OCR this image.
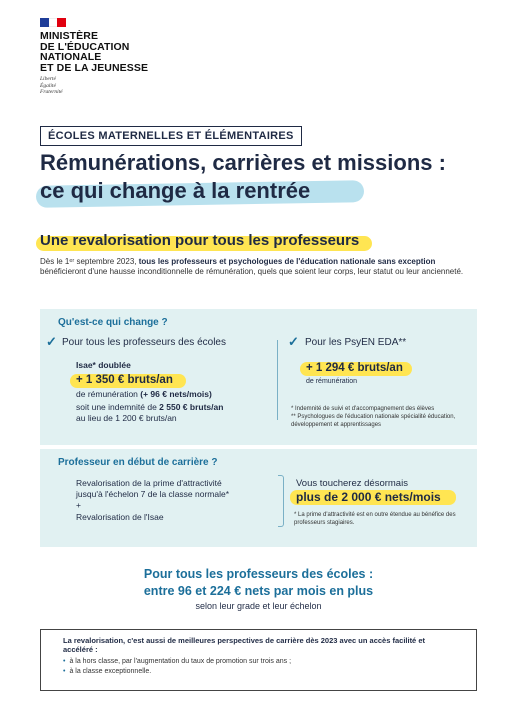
MINISTÈRE
DE L'ÉDUCATION
NATIONALE
ET DE LA JEUNESSE
Liberté
Égalité
Fraternité
ÉCOLES MATERNELLES ET ÉLÉMENTAIRES
Rémunérations, carrières et missions :
ce qui change à la rentrée
Une revalorisation pour tous les professeurs
Dès le 1ᵉʳ septembre 2023, tous les professeurs et psychologues de l'éducation nationale sans exception bénéficieront d'une hausse inconditionnelle de rémunération, quels que soient leur corps, leur statut ou leur ancienneté.
Qu'est-ce qui change ?
✓ Pour tous les professeurs des écoles
Isae* doublée
+ 1 350 € bruts/an
de rémunération (+ 96 € nets/mois)
soit une indemnité de 2 550 € bruts/an
au lieu de 1 200 € bruts/an
✓ Pour les PsyEN EDA**
+ 1 294 € bruts/an
de rémunération
* Indemnité de suivi et d'accompagnement des élèves
** Psychologues de l'éducation nationale spécialité éducation, développement et apprentissages
Professeur en début de carrière ?
Revalorisation de la prime d'attractivité
jusqu'à l'échelon 7 de la classe normale*
+
Revalorisation de l'Isae
Vous toucherez désormais
plus de 2 000 € nets/mois
* La prime d'attractivité est en outre étendue au bénéfice des professeurs stagiaires.
Pour tous les professeurs des écoles :
entre 96 et 224 € nets par mois en plus
selon leur grade et leur échelon
La revalorisation, c'est aussi de meilleures perspectives de carrière dès 2023 avec un accès facilité et accéléré :
• à la hors classe, par l'augmentation du taux de promotion sur trois ans ;
• à la classe exceptionnelle.
